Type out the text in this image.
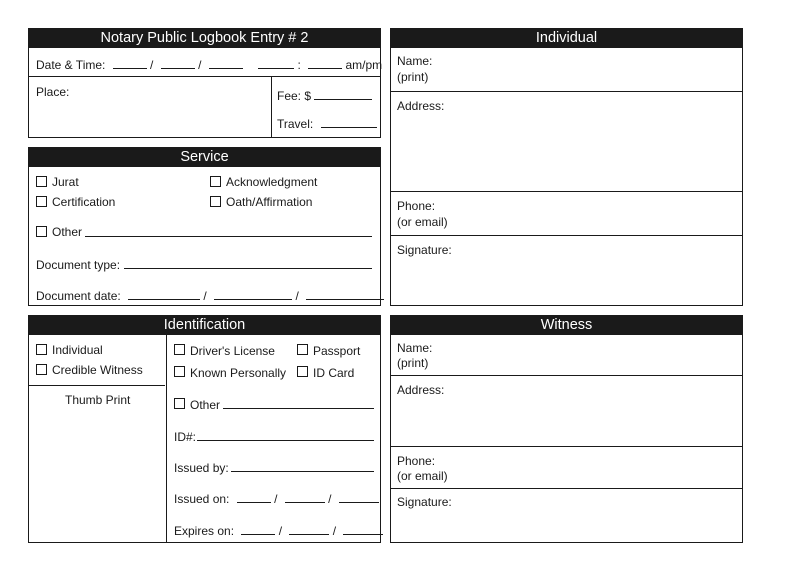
Notary Public Logbook Entry # 2
Date & Time:	/	/	:	am/pm
Place:	Fee: $
Travel:
Service
Jurat	Acknowledgment
Certification	Oath/Affirmation
Other
Document type:
Document date:	/	/
Identification
Individual
Credible Witness
Thumb Print
Driver's License	Passport
Known Personally ID Card
Other
ID#:
Issued by:
Issued on:	/	/
Expires on:	/	/
Individual
Name:
(print)
Address:
Phone:
(or email)
Signature:
Witness
Name:
(print)
Address:
Phone:
(or email)
Signature:
